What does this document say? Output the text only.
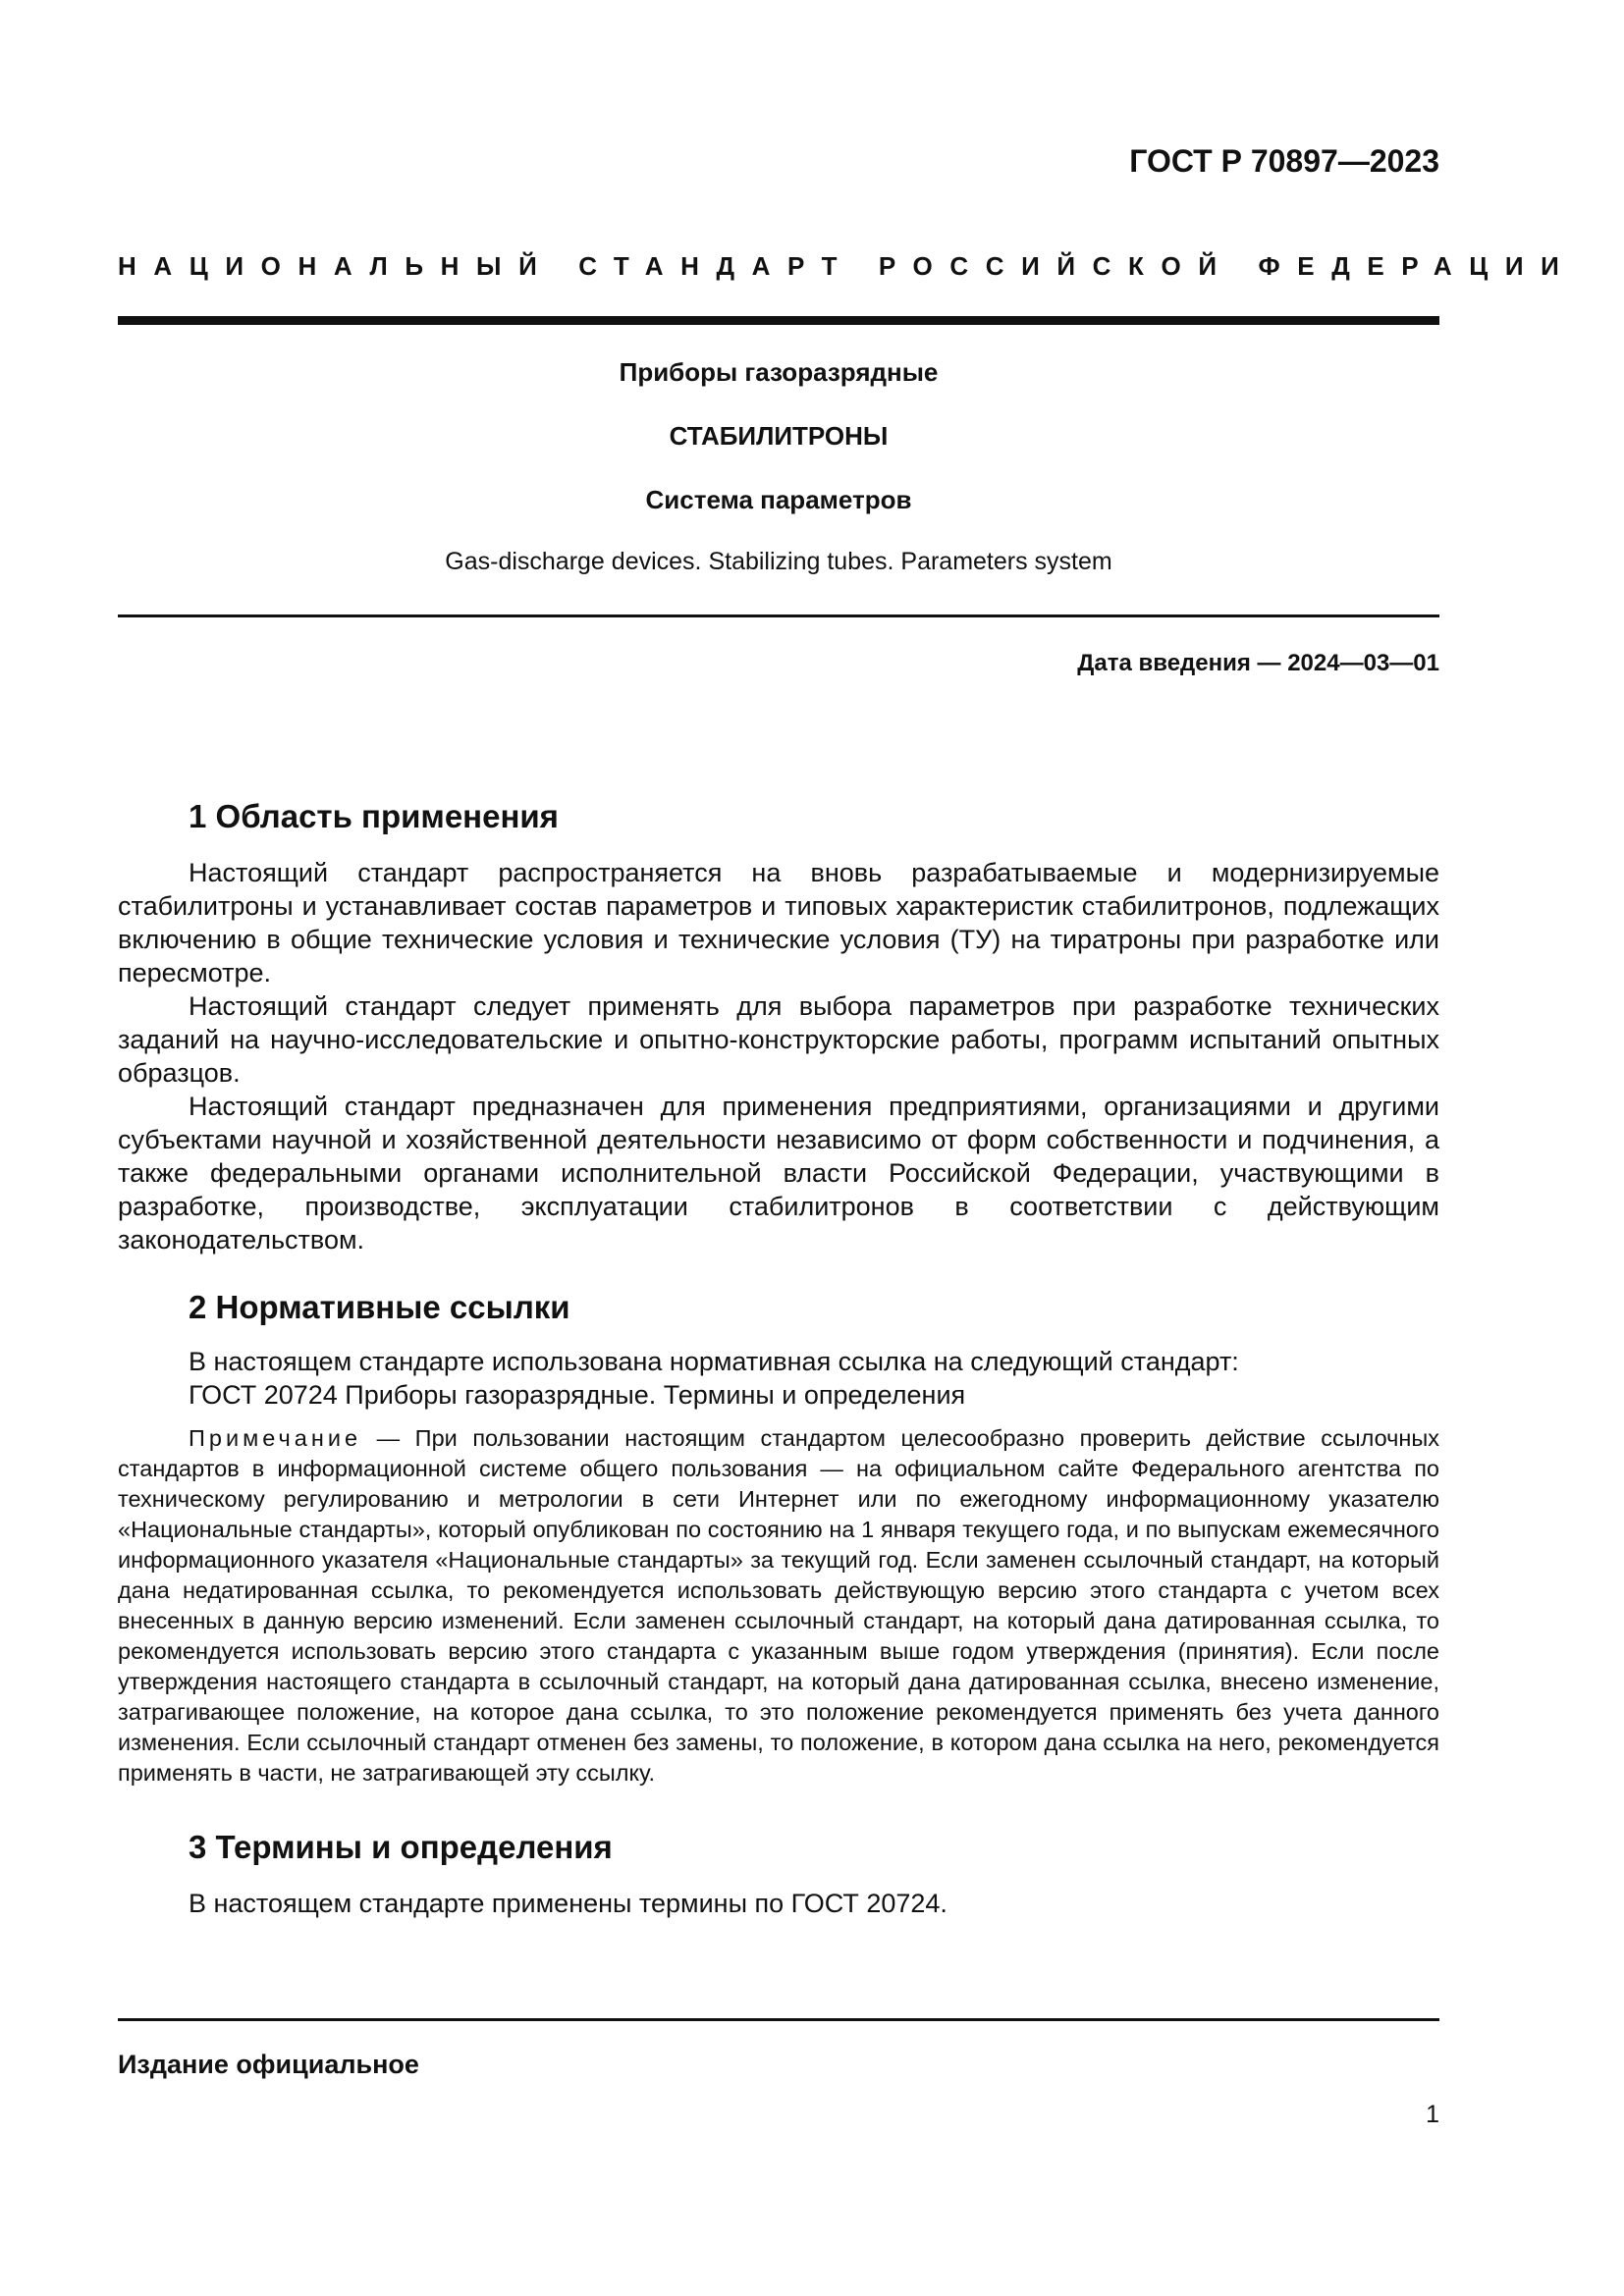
ГОСТ Р 70897—2023

НАЦИОНАЛЬНЫЙ СТАНДАРТ РОССИЙСКОЙ ФЕДЕРАЦИИ

Приборы газоразрядные

СТАБИЛИТРОНЫ

Система параметров

Gas-discharge devices. Stabilizing tubes. Parameters system

Дата введения — 2024—03—01

1 Область применения

Настоящий стандарт распространяется на вновь разрабатываемые и модернизируемые стабилитроны и устанавливает состав параметров и типовых характеристик стабилитронов, подлежащих включению в общие технические условия и технические условия (ТУ) на тиратроны при разработке или пересмотре.

Настоящий стандарт следует применять для выбора параметров при разработке технических заданий на научно-исследовательские и опытно-конструкторские работы, программ испытаний опытных образцов.

Настоящий стандарт предназначен для применения предприятиями, организациями и другими субъектами научной и хозяйственной деятельности независимо от форм собственности и подчинения, а также федеральными органами исполнительной власти Российской Федерации, участвующими в разработке, производстве, эксплуатации стабилитронов в соответствии с действующим законодательством.

2 Нормативные ссылки

В настоящем стандарте использована нормативная ссылка на следующий стандарт:

ГОСТ 20724 Приборы газоразрядные. Термины и определения

Примечание — При пользовании настоящим стандартом целесообразно проверить действие ссылочных стандартов в информационной системе общего пользования — на официальном сайте Федерального агентства по техническому регулированию и метрологии в сети Интернет или по ежегодному информационному указателю «Национальные стандарты», который опубликован по состоянию на 1 января текущего года, и по выпускам ежемесячного информационного указателя «Национальные стандарты» за текущий год. Если заменен ссылочный стандарт, на который дана недатированная ссылка, то рекомендуется использовать действующую версию этого стандарта с учетом всех внесенных в данную версию изменений. Если заменен ссылочный стандарт, на который дана датированная ссылка, то рекомендуется использовать версию этого стандарта с указанным выше годом утверждения (принятия). Если после утверждения настоящего стандарта в ссылочный стандарт, на который дана датированная ссылка, внесено изменение, затрагивающее положение, на которое дана ссылка, то это положение рекомендуется применять без учета данного изменения. Если ссылочный стандарт отменен без замены, то положение, в котором дана ссылка на него, рекомендуется применять в части, не затрагивающей эту ссылку.

3 Термины и определения

В настоящем стандарте применены термины по ГОСТ 20724.

Издание официальное

1
